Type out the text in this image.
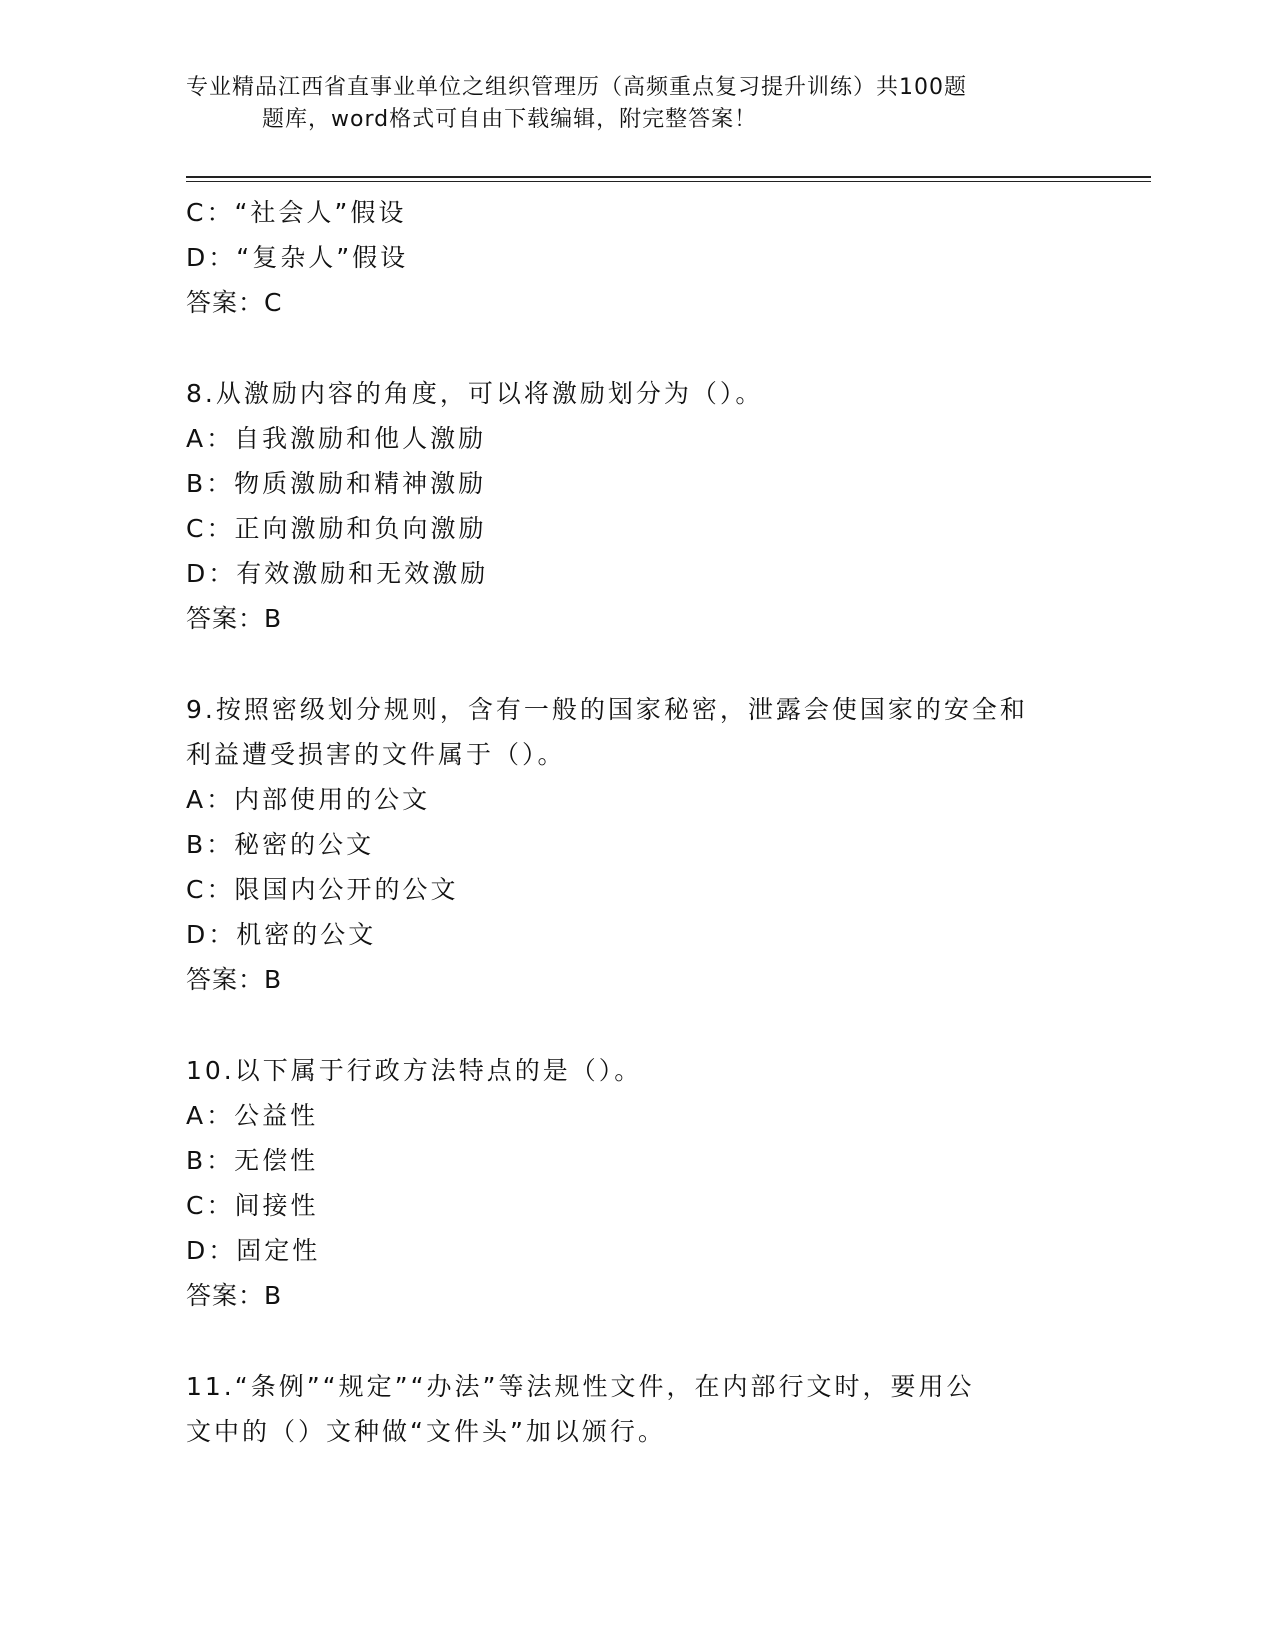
专业精品江西省直事业单位之组织管理历（高频重点复习提升训练）共100题
题库，word格式可自由下载编辑，附完整答案！
C：“社会人”假设
D：“复杂人”假设
答案：C
8.从激励内容的角度，可以将激励划分为（）。
A：自我激励和他人激励
B：物质激励和精神激励
C：正向激励和负向激励
D：有效激励和无效激励
答案：B
9.按照密级划分规则，含有一般的国家秘密，泄露会使国家的安全和
利益遭受损害的文件属于（）。
A：内部使用的公文
B：秘密的公文
C：限国内公开的公文
D：机密的公文
答案：B
10.以下属于行政方法特点的是（）。
A：公益性
B：无偿性
C：间接性
D：固定性
答案：B
11.“条例”“规定”“办法”等法规性文件，在内部行文时，要用公
文中的（）文种做“文件头”加以颁行。
